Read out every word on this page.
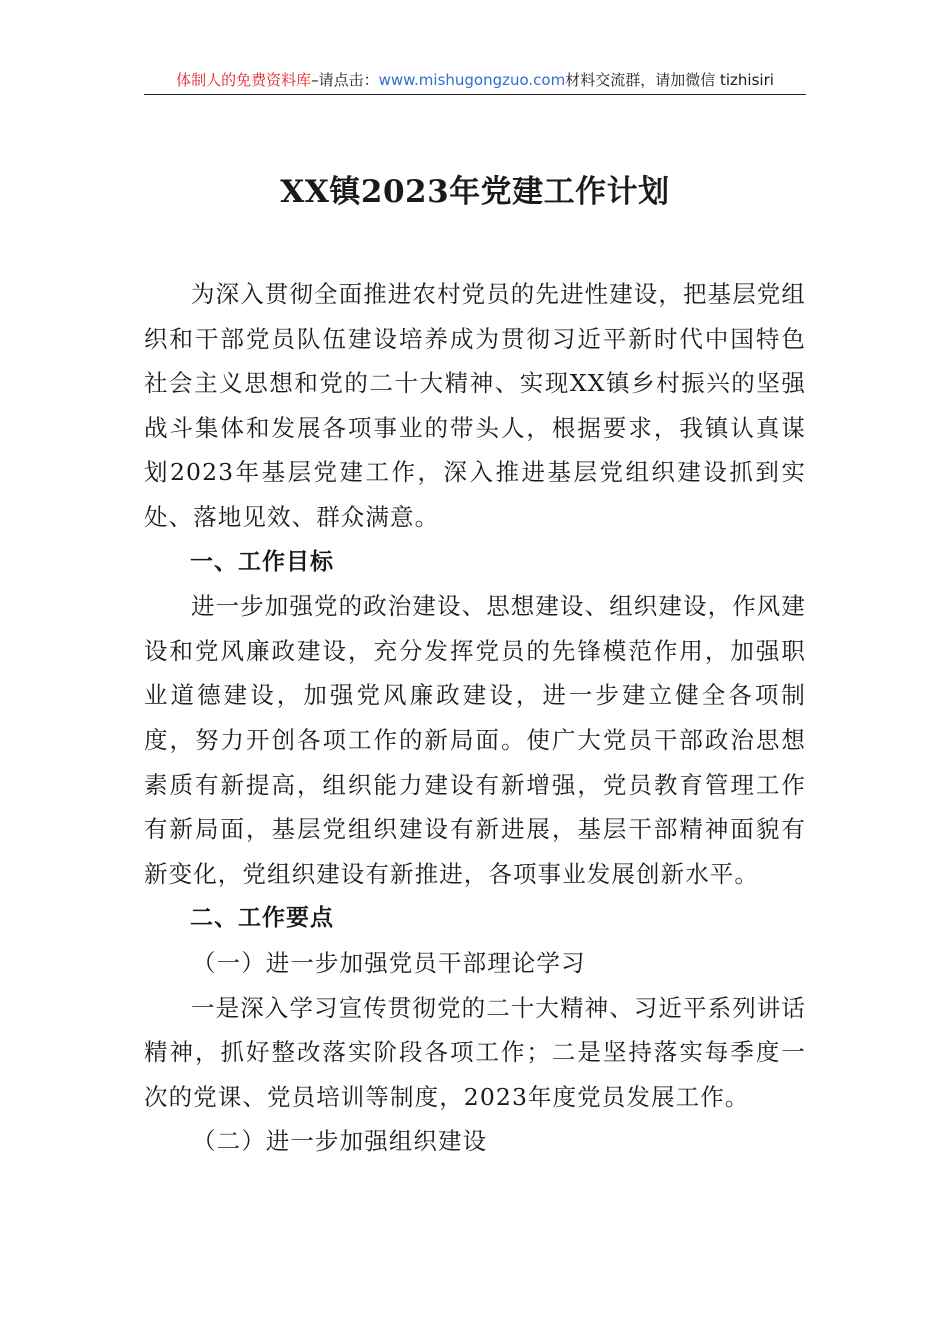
体制人的免费资料库–请点击：www.mishugongzuo.com材料交流群，请加微信 tizhisiri
XX镇2023年党建工作计划

为深入贯彻全面推进农村党员的先进性建设，把基层党组织和干部党员队伍建设培养成为贯彻习近平新时代中国特色社会主义思想和党的二十大精神、实现XX镇乡村振兴的坚强战斗集体和发展各项事业的带头人，根据要求，我镇认真谋划2023年基层党建工作，深入推进基层党组织建设抓到实处、落地见效、群众满意。

一、工作目标

进一步加强党的政治建设、思想建设、组织建设，作风建设和党风廉政建设，充分发挥党员的先锋模范作用，加强职业道德建设，加强党风廉政建设，进一步建立健全各项制度，努力开创各项工作的新局面。使广大党员干部政治思想素质有新提高，组织能力建设有新增强，党员教育管理工作有新局面，基层党组织建设有新进展，基层干部精神面貌有新变化，党组织建设有新推进，各项事业发展创新水平。

二、工作要点

（一）进一步加强党员干部理论学习

一是深入学习宣传贯彻党的二十大精神、习近平系列讲话精神，抓好整改落实阶段各项工作；二是坚持落实每季度一次的党课、党员培训等制度，2023年度党员发展工作。

（二）进一步加强组织建设
